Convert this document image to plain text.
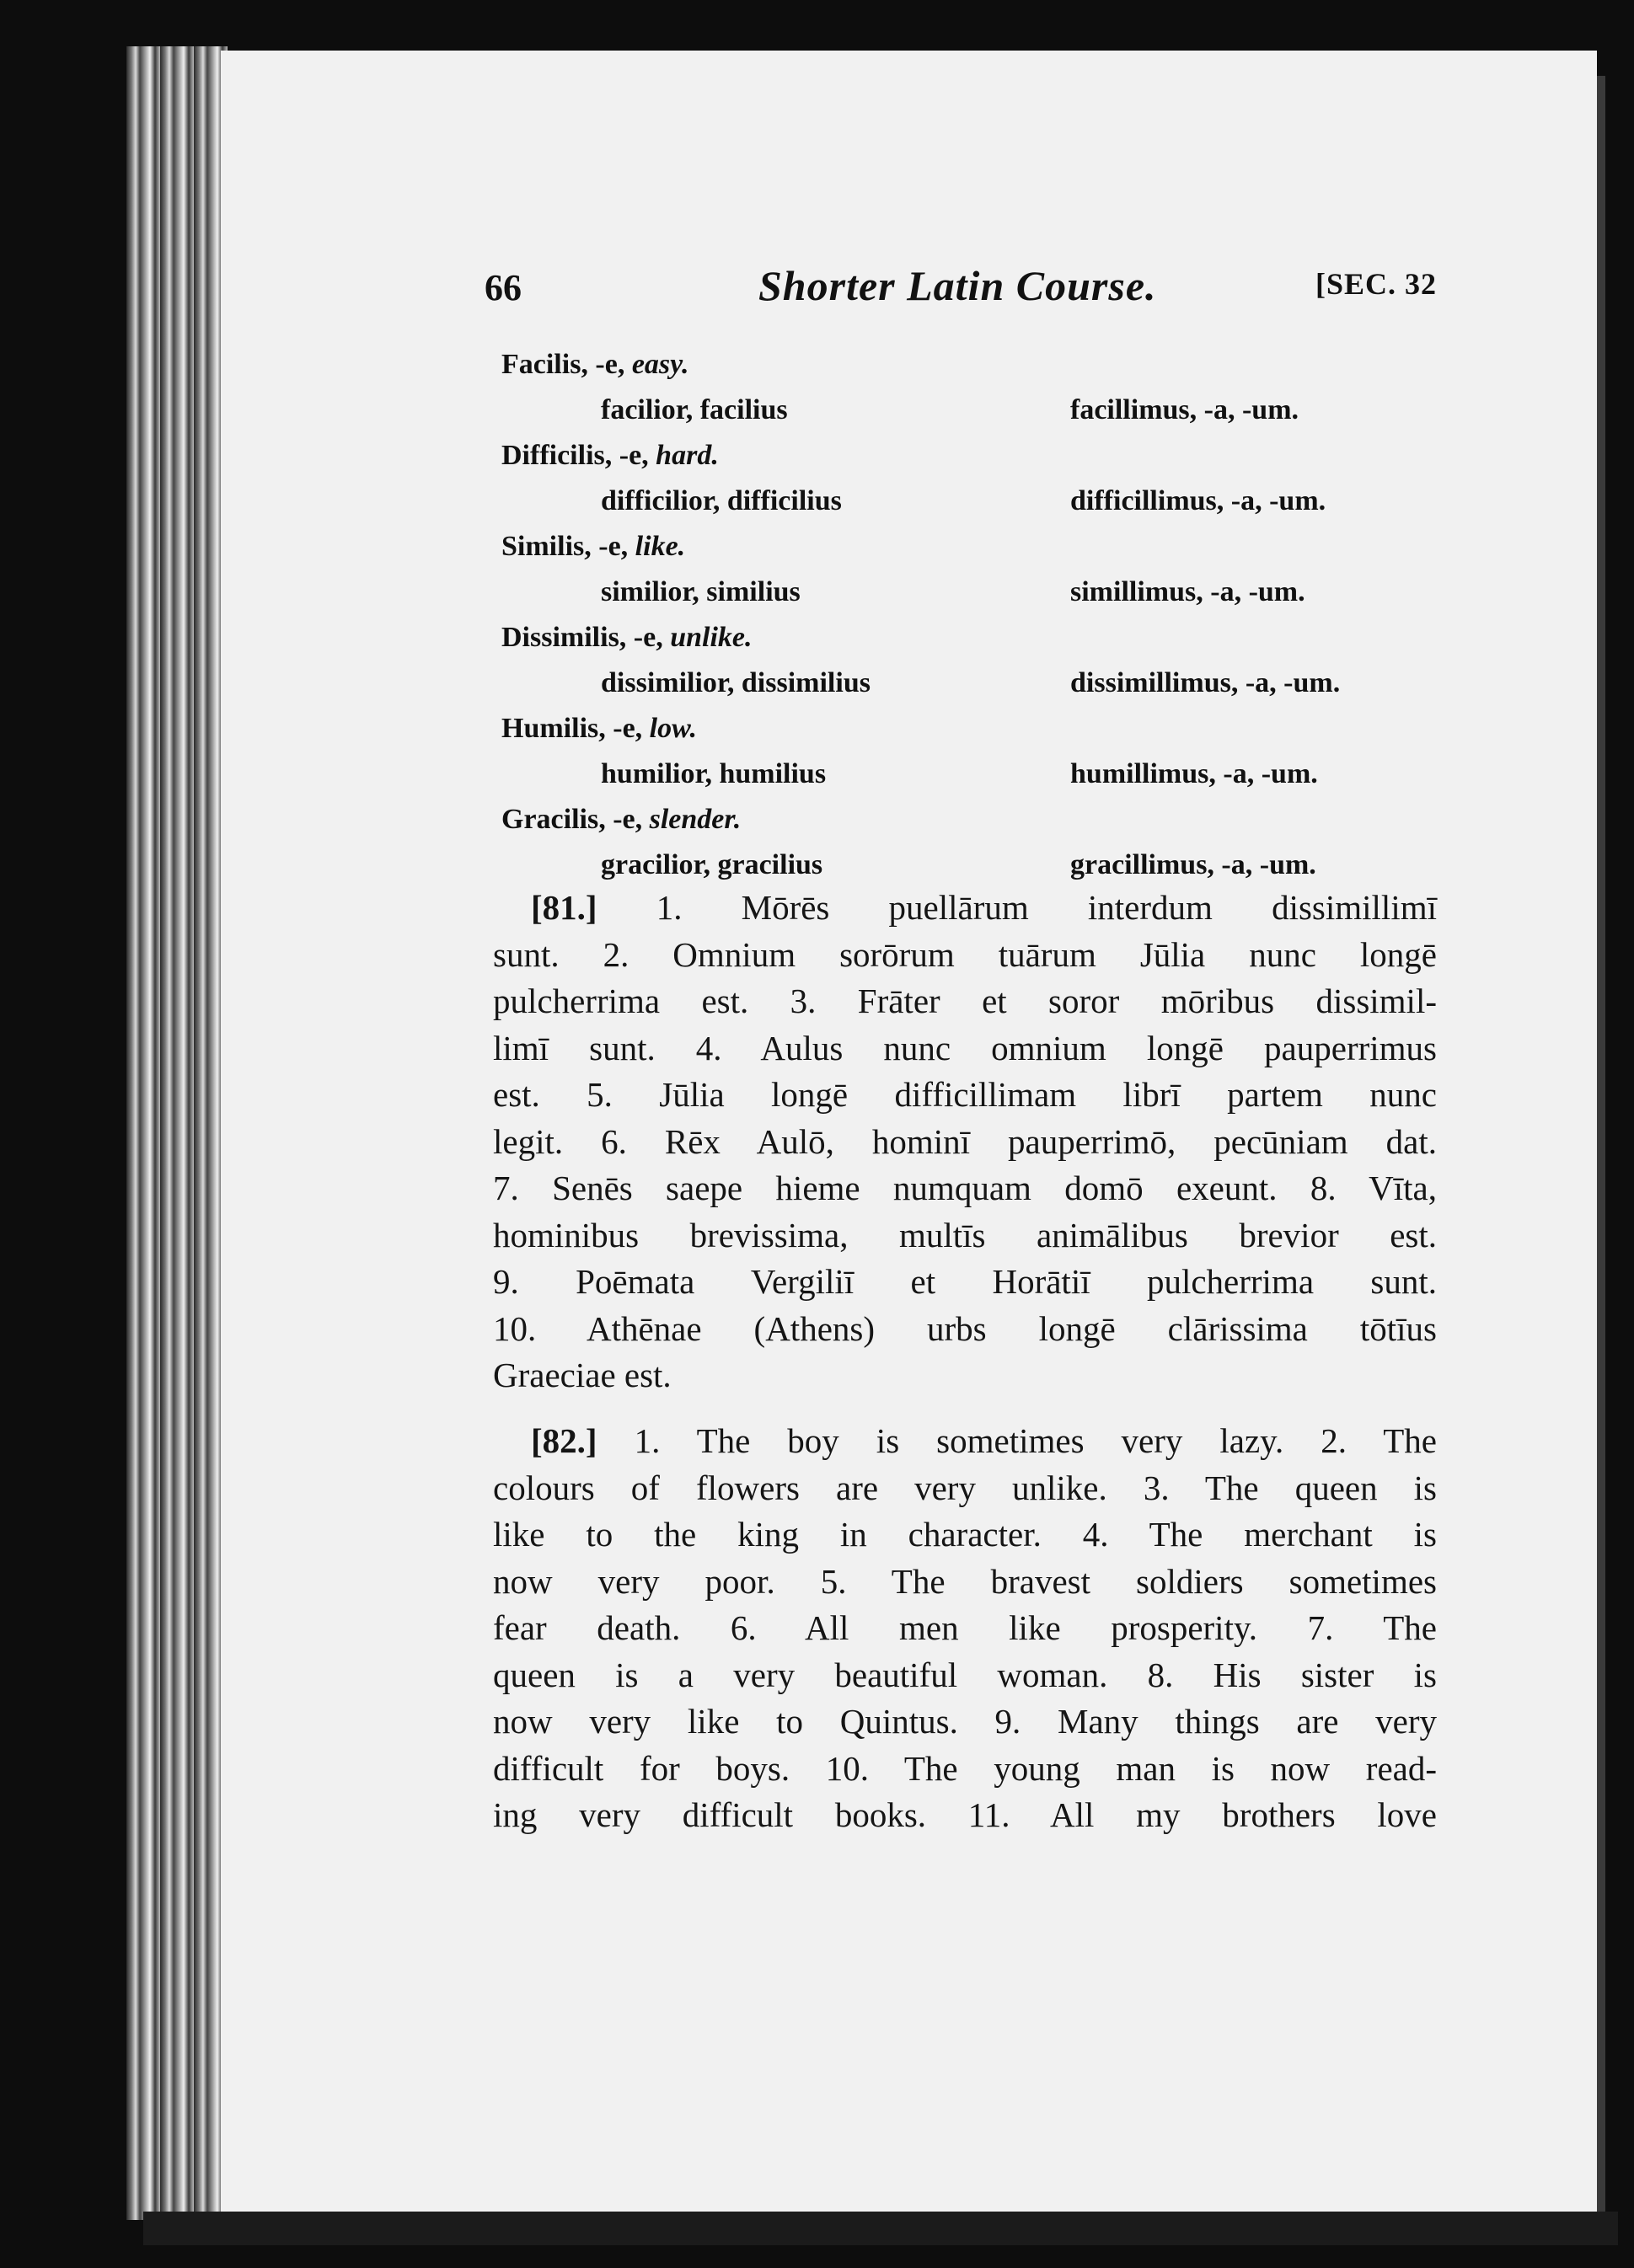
66	Shorter Latin Course.	[SEC. 32
Facilis, -e, easy.
facilior, facilius	facillimus, -a, -um.
Difficilis, -e, hard.
difficilior, difficilius	difficillimus, -a, -um.
Similis, -e, like.
similior, similius	simillimus, -a, -um.
Dissimilis, -e, unlike.
dissimilior, dissimilius	dissimillimus, -a, -um.
Humilis, -e, low.
humilior, humilius	humillimus, -a, -um.
Gracilis, -e, slender.
gracilior, gracilius	gracillimus, -a, -um.
[81.] 1. Mōrēs puellārum interdum dissimillimī
sunt. 2. Omnium sorōrum tuārum Jūlia nunc longē
pulcherrima est. 3. Frāter et soror mōribus dissimil-
limī sunt. 4. Aulus nunc omnium longē pauperrimus
est. 5. Jūlia longē difficillimam librī partem nunc
legit. 6. Rēx Aulō, hominī pauperrimō, pecūniam dat.
7. Senēs saepe hieme numquam domō exeunt. 8. Vīta,
hominibus brevissima, multīs animālibus brevior est.
9. Poēmata Vergiliī et Horātiī pulcherrima sunt.
10. Athēnae (Athens) urbs longē clārissima tōtīus
Graeciae est.
[82.] 1. The boy is sometimes very lazy. 2. The
colours of flowers are very unlike. 3. The queen is
like to the king in character. 4. The merchant is
now very poor. 5. The bravest soldiers sometimes
fear death. 6. All men like prosperity. 7. The
queen is a very beautiful woman. 8. His sister is
now very like to Quintus. 9. Many things are very
difficult for boys. 10. The young man is now read-
ing very difficult books. 11. All my brothers love
